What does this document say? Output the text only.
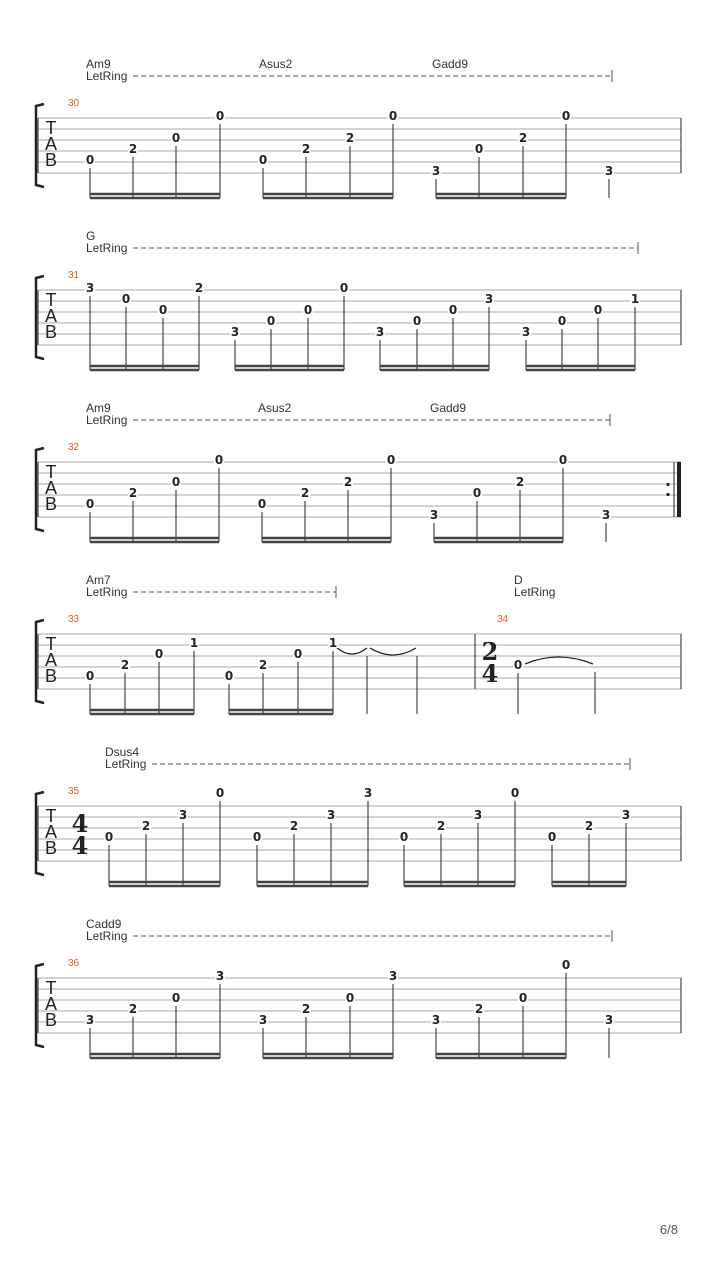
T
A
B
30
Am9	Asus2	Gadd9
LetRing
0
2
0
0
0
2
2
0
3
0
2
0
3
T
A
B
31
G
LetRing
3
0
0
2
3
0
0
0
3
0
0
3
3
0
0
1
T
A
B
32
Am9	Asus2	Gadd9
LetRing
0
2
0
0
0
2
2
0
3
0
2
0
3
T
A
B
33
Am7	D
LetRing	LetRing
34
2
4
0
2
0
1
0
2
0
1
0
T
A
B
35
Dsus4
LetRing
4
4 0
2
3
0
0
2
3
3
0
2
3
0
0
2
3
T
A
B
36
Cadd9
LetRing
3
2
0
3
3
2
0
3
3
2
0
0
3
6/8
